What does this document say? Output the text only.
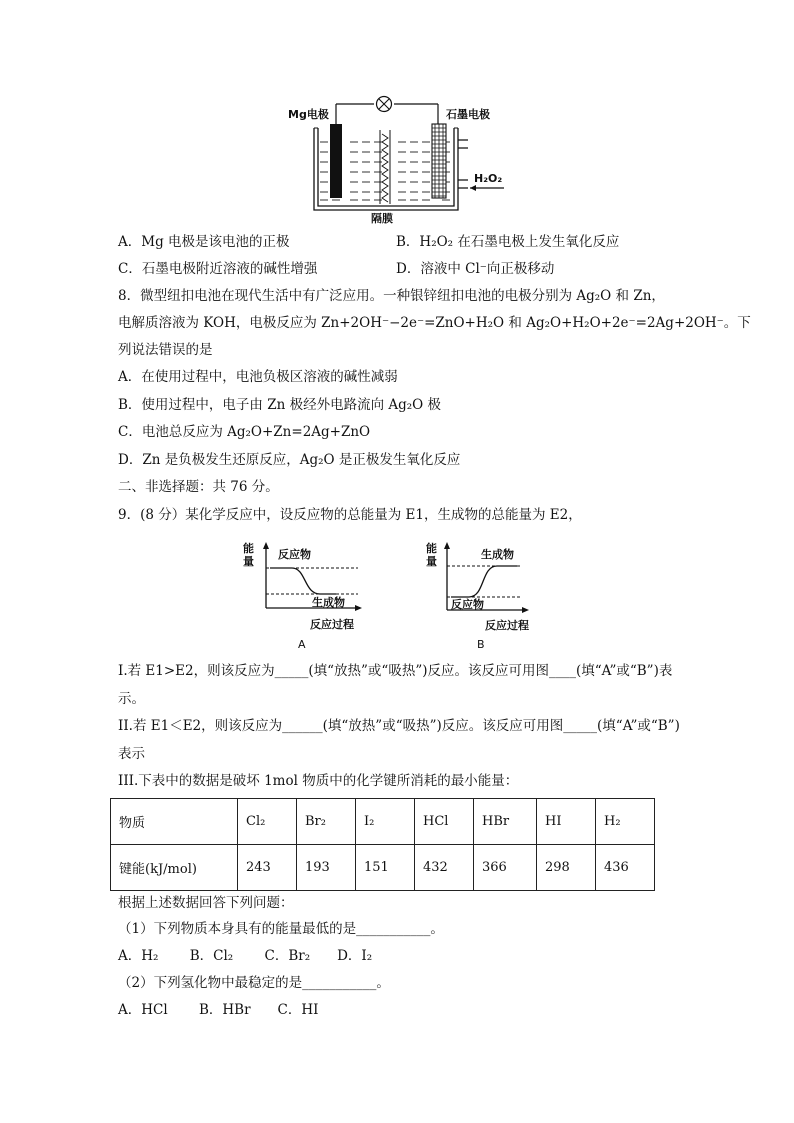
Mg电极	石墨电极
H₂O₂
隔膜
A．Mg 电极是该电池的正极	B．H₂O₂ 在石墨电极上发生氧化反应
C．石墨电极附近溶液的碱性增强	D．溶液中 Cl⁻向正极移动
8．微型纽扣电池在现代生活中有广泛应用。一种银锌纽扣电池的电极分别为 Ag₂O 和 Zn，
电解质溶液为 KOH，电极反应为 Zn+2OH⁻−2e⁻=ZnO+H₂O 和 Ag₂O+H₂O+2e⁻=2Ag+2OH⁻。下
列说法错误的是
A．在使用过程中，电池负极区溶液的碱性减弱
B．使用过程中，电子由 Zn 极经外电路流向 Ag₂O 极
C．电池总反应为 Ag₂O+Zn=2Ag+ZnO
D．Zn 是负极发生还原反应，Ag₂O 是正极发生氧化反应
二、非选择题：共 76 分。
9．(8 分）某化学反应中，设反应物的总能量为 E1，生成物的总能量为 E2，
能量
反应物
生成物
反应过程
A
能量
生成物
反应物
反应过程
B
I.若 E1>E2，则该反应为_____(填“放热”或“吸热”)反应。该反应可用图____(填“A”或“B”)表
示。
II.若 E1＜E2，则该反应为______(填“放热”或“吸热”)反应。该反应可用图_____(填“A”或“B”)
表示
III.下表中的数据是破坏 1mol 物质中的化学键所消耗的最小能量：
物质	Cl₂	Br₂	I₂	HCl	HBr	HI	H₂
键能(kJ/mol)	243	193	151	432	366	298	436
根据上述数据回答下列问题：
（1）下列物质本身具有的能量最低的是___________。
A．H₂　　 B．Cl₂　　 C．Br₂　　D．I₂
（2）下列氢化物中最稳定的是___________。
A．HCl　　 B．HBr　　C．HI
